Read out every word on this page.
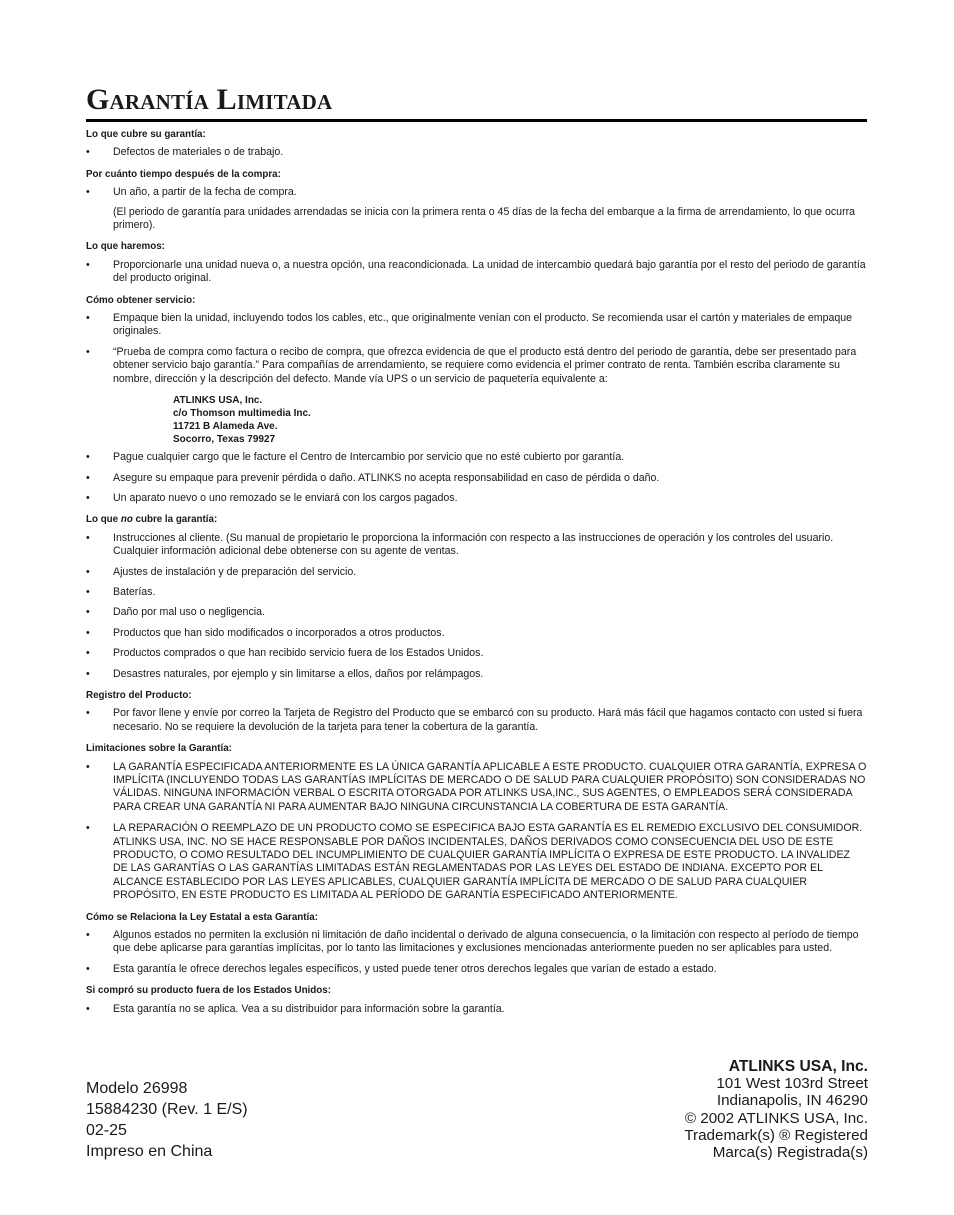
Garantía Limitada

Lo que cubre su garantía:

• Defectos de materiales o de trabajo.

Por cuánto tiempo después de la compra:

• Un año, a partir de la fecha de compra.

(El periodo de garantía para unidades arrendadas se inicia con la primera renta o 45 días de la fecha del embarque a la firma de arrendamiento, lo que ocurra primero).

Lo que haremos:

• Proporcionarle una unidad nueva o, a nuestra opción, una reacondicionada. La unidad de intercambio quedará bajo garantía por el resto del periodo de garantía del producto original.

Cómo obtener servicio:

• Empaque bien la unidad, incluyendo todos los cables, etc., que originalmente venían con el producto. Se recomienda usar el cartón y materiales de empaque originales.

• “Prueba de compra como factura o recibo de compra, que ofrezca evidencia de que el producto está dentro del periodo de garantía, debe ser presentado para obtener servicio bajo garantía.” Para compañías de arrendamiento, se requiere como evidencia el primer contrato de renta. También escriba claramente su nombre, dirección y la descripción del defecto. Mande vía UPS o un servicio de paquetería equivalente a:

ATLINKS USA, Inc.
c/o Thomson multimedia Inc.
11721 B Alameda Ave.
Socorro, Texas 79927

• Pague cualquier cargo que le facture el Centro de Intercambio por servicio que no esté cubierto por garantía.

• Asegure su empaque para prevenir pérdida o daño. ATLINKS no acepta responsabilidad en caso de pérdida o daño.

• Un aparato nuevo o uno remozado se le enviará con los cargos pagados.

Lo que no cubre la garantía:

• Instrucciones al cliente. (Su manual de propietario le proporciona la información con respecto a las instrucciones de operación y los controles del usuario. Cualquier información adicional debe obtenerse con su agente de ventas.

• Ajustes de instalación y de preparación del servicio.

• Baterías.

• Daño por mal uso o negligencia.

• Productos que han sido modificados o incorporados a otros productos.

• Productos comprados o que han recibido servicio fuera de los Estados Unidos.

• Desastres naturales, por ejemplo y sin limitarse a ellos, daños por relámpagos.

Registro del Producto:

• Por favor llene y envíe por correo la Tarjeta de Registro del Producto que se embarcó con su producto. Hará más fácil que hagamos contacto con usted si fuera necesario. No se requiere la devolución de la tarjeta para tener la cobertura de la garantía.

Limitaciones sobre la Garantía:

• LA GARANTÍA ESPECIFICADA ANTERIORMENTE ES LA ÚNICA GARANTÍA APLICABLE A ESTE PRODUCTO. CUALQUIER OTRA GARANTÍA, EXPRESA O IMPLÍCITA (INCLUYENDO TODAS LAS GARANTÍAS IMPLÍCITAS DE MERCADO O DE SALUD PARA CUALQUIER PROPÓSITO) SON CONSIDERADAS NO VÁLIDAS. NINGUNA INFORMACIÓN VERBAL O ESCRITA OTORGADA POR ATLINKS USA,INC., SUS AGENTES, O EMPLEADOS SERÁ CONSIDERADA PARA CREAR UNA GARANTÍA NI PARA AUMENTAR BAJO NINGUNA CIRCUNSTANCIA LA COBERTURA DE ESTA GARANTÍA.

• LA REPARACIÓN O REEMPLAZO DE UN PRODUCTO COMO SE ESPECIFICA BAJO ESTA GARANTÍA ES EL REMEDIO EXCLUSIVO DEL CONSUMIDOR. ATLINKS USA, INC. NO SE HACE RESPONSABLE POR DAÑOS INCIDENTALES, DAÑOS DERIVADOS COMO CONSECUENCIA DEL USO DE ESTE PRODUCTO, O COMO RESULTADO DEL INCUMPLIMIENTO DE CUALQUIER GARANTÍA IMPLÍCITA O EXPRESA DE ESTE PRODUCTO. LA INVALIDEZ DE LAS GARANTÍAS O LAS GARANTÍAS LIMITADAS ESTÁN REGLAMENTADAS POR LAS LEYES DEL ESTADO DE INDIANA. EXCEPTO POR EL ALCANCE ESTABLECIDO POR LAS LEYES APLICABLES, CUALQUIER GARANTÍA IMPLÍCITA DE MERCADO O DE SALUD PARA CUALQUIER PROPÓSITO, EN ESTE PRODUCTO ES LIMITADA AL PERÍODO DE GARANTÍA ESPECIFICADO ANTERIORMENTE.

Cómo se Relaciona la Ley Estatal a esta Garantía:

• Algunos estados no permiten la exclusión ni limitación de daño incidental o derivado de alguna consecuencia, o la limitación con respecto al período de tiempo que debe aplicarse para garantías implícitas, por lo tanto las limitaciones y exclusiones mencionadas anteriormente pueden no ser aplicables para usted.

• Esta garantía le ofrece derechos legales específicos, y usted puede tener otros derechos legales que varían de estado a estado.

Si compró su producto fuera de los Estados Unidos:

• Esta garantía no se aplica. Vea a su distribuidor para información sobre la garantía.

Modelo 26998
15884230 (Rev. 1 E/S)
02-25
Impreso en China
ATLINKS USA, Inc.
101 West 103rd Street
Indianapolis, IN 46290
© 2002 ATLINKS USA, Inc.
Trademark(s) ® Registered
Marca(s) Registrada(s)
